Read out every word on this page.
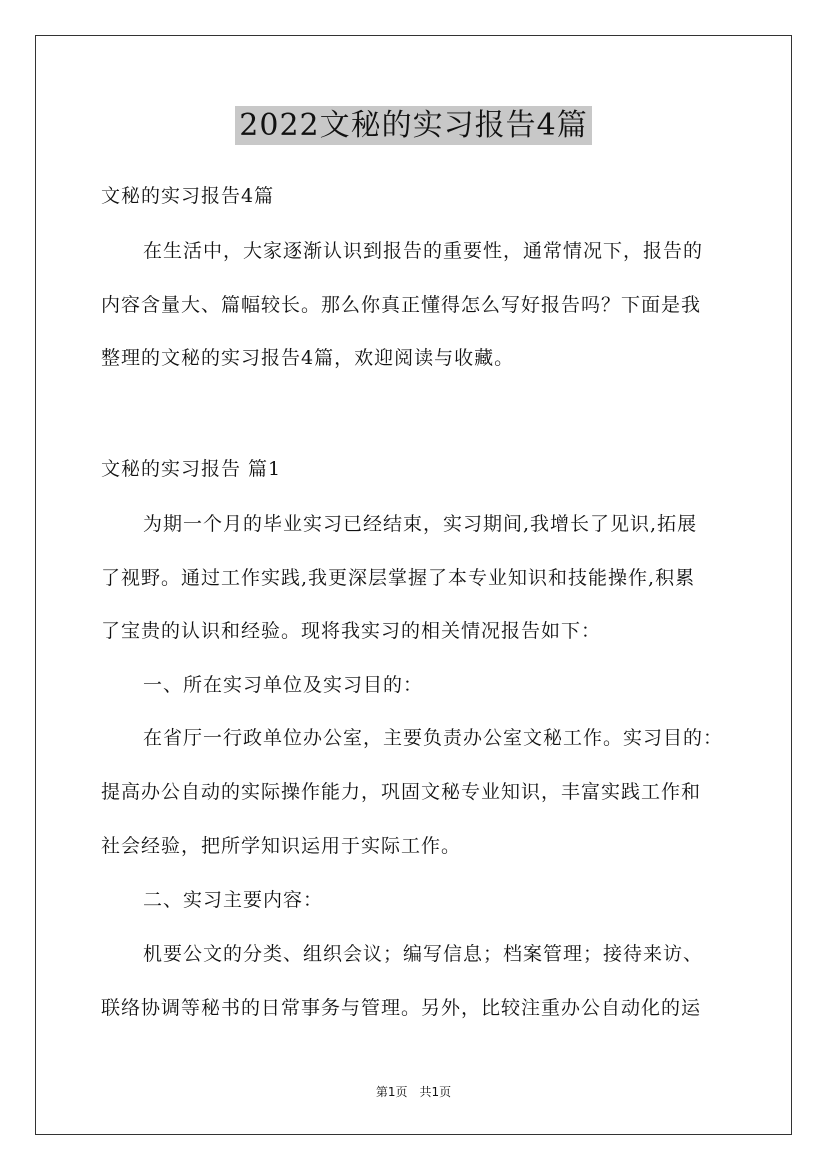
2022文秘的实习报告4篇
文秘的实习报告4篇
在生活中，大家逐渐认识到报告的重要性，通常情况下，报告的
内容含量大、篇幅较长。那么你真正懂得怎么写好报告吗？下面是我
整理的文秘的实习报告4篇，欢迎阅读与收藏。
文秘的实习报告 篇1
为期一个月的毕业实习已经结束，实习期间,我增长了见识,拓展
了视野。通过工作实践,我更深层掌握了本专业知识和技能操作,积累
了宝贵的认识和经验。现将我实习的相关情况报告如下：
一、所在实习单位及实习目的：
在省厅一行政单位办公室，主要负责办公室文秘工作。实习目的：
提高办公自动的实际操作能力，巩固文秘专业知识，丰富实践工作和
社会经验，把所学知识运用于实际工作。
二、实习主要内容：
机要公文的分类、组织会议；编写信息；档案管理；接待来访、
联络协调等秘书的日常事务与管理。另外，比较注重办公自动化的运
第1页　共1页
